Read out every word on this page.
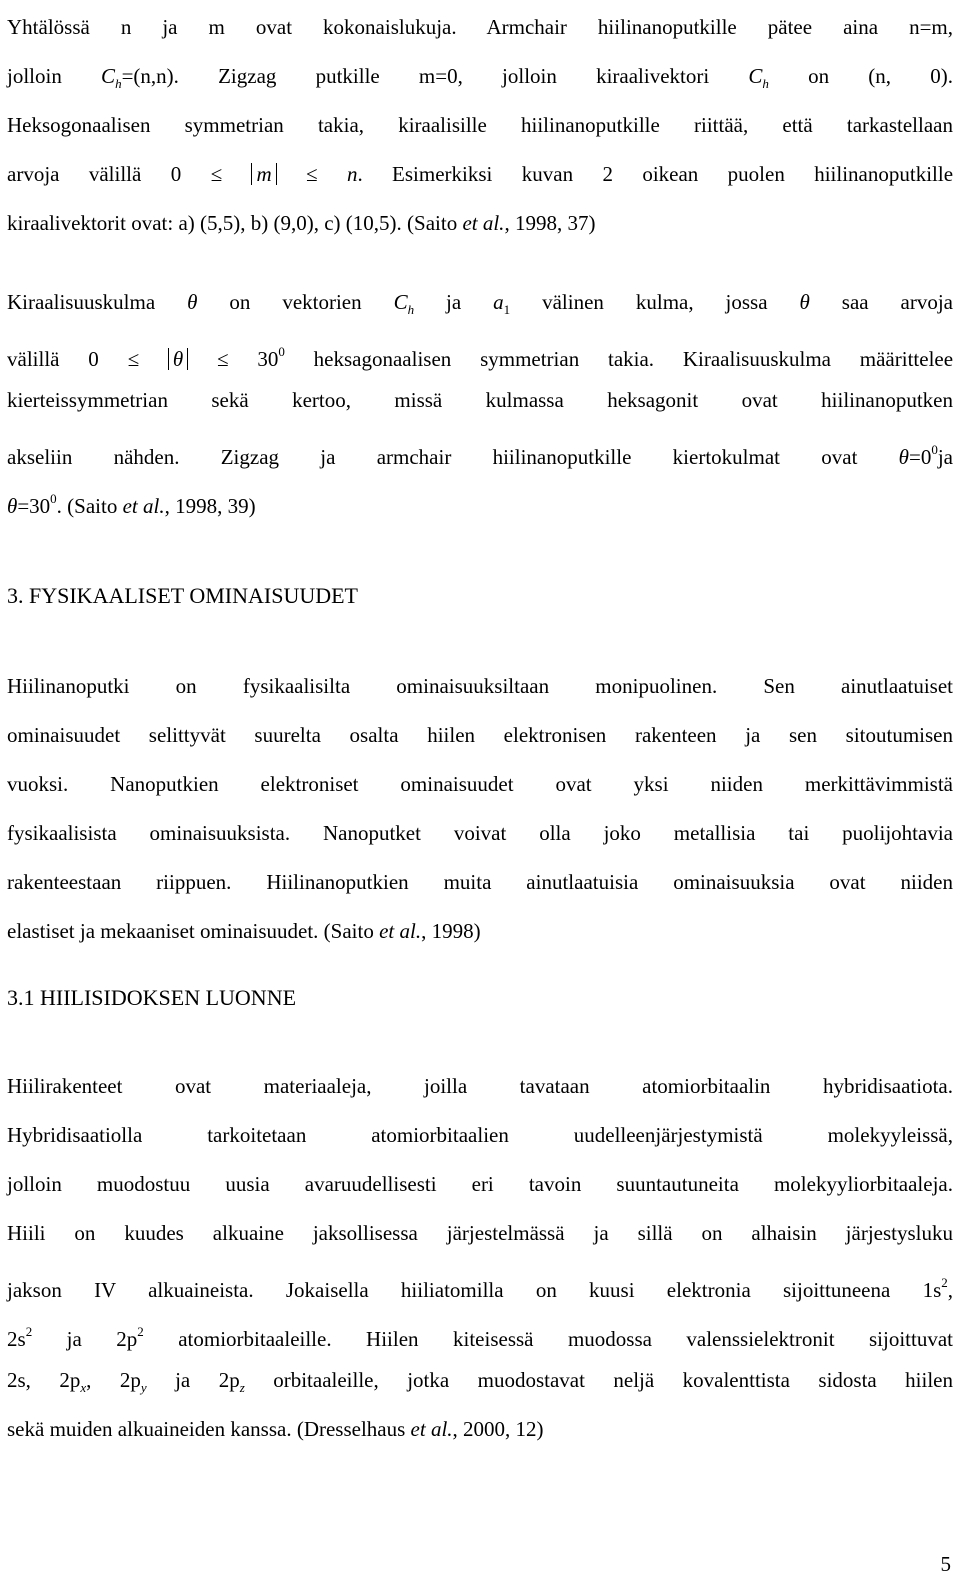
Yhtälössä n ja m ovat kokonaislukuja. Armchair hiilinanoputkille pätee aina n=m,
jolloin $C_h=(n,n)$. Zigzag putkille m=0, jolloin kiraalivektori $C_h$ on (n, 0).
Heksogonaalisen symmetrian takia, kiraalisille hiilinanoputkille riittää, että tarkastellaan
arvoja välillä 0 ≤ m ≤ n. Esimerkiksi kuvan 2 oikean puolen hiilinanoputkille
kiraalivektorit ovat: a) (5,5), b) (9,0), c) (10,5). (Saito et al., 1998, 37)
Kiraalisuuskulma θ on vektorien $C_h$ ja $a_1$ välinen kulma, jossa θ saa arvoja
välillä $0 \le \theta \le 30^0$ heksagonaalisen symmetrian takia. Kiraalisuuskulma määrittelee
kierteissymmetrian sekä kertoo, missä kulmassa heksagonit ovat hiilinanoputken
akseliin nähden. Zigzag ja armchair hiilinanoputkille kiertokulmat ovat $\theta=0^0ja$
$\theta=30^0$. (Saito et al., 1998, 39)
3. FYSIKAALISET OMINAISUUDET
Hiilinanoputki on fysikaalisilta ominaisuuksiltaan monipuolinen. Sen ainutlaatuiset
ominaisuudet selittyvät suurelta osalta hiilen elektronisen rakenteen ja sen sitoutumisen
vuoksi. Nanoputkien elektroniset ominaisuudet ovat yksi niiden merkittävimmistä
fysikaalisista ominaisuuksista. Nanoputket voivat olla joko metallisia tai puolijohtavia
rakenteestaan riippuen. Hiilinanoputkien muita ainutlaatuisia ominaisuuksia ovat niiden
elastiset ja mekaaniset ominaisuudet. (Saito et al., 1998)
3.1 HIILISIDOKSEN LUONNE
Hiilirakenteet ovat materiaaleja, joilla tavataan atomiorbitaalin hybridisaatiota.
Hybridisaatiolla tarkoitetaan atomiorbitaalien uudelleenjärjestymistä molekyyleissä,
jolloin muodostuu uusia avaruudellisesti eri tavoin suuntautuneita molekyyliorbitaaleja.
Hiili on kuudes alkuaine jaksollisessa järjestelmässä ja sillä on alhaisin järjestysluku
jakson IV alkuaineista. Jokaisella hiiliatomilla on kuusi elektronia sijoittuneena $1s^2$,
$2s^2$ ja $2p^2$ atomiorbitaaleille. Hiilen kiteisessä muodossa valenssielektronit sijoittuvat
2s, $2p_x$, $2p_y$ ja $2p_z$ orbitaaleille, jotka muodostavat neljä kovalenttista sidosta hiilen
sekä muiden alkuaineiden kanssa. (Dresselhaus et al., 2000, 12)
5
